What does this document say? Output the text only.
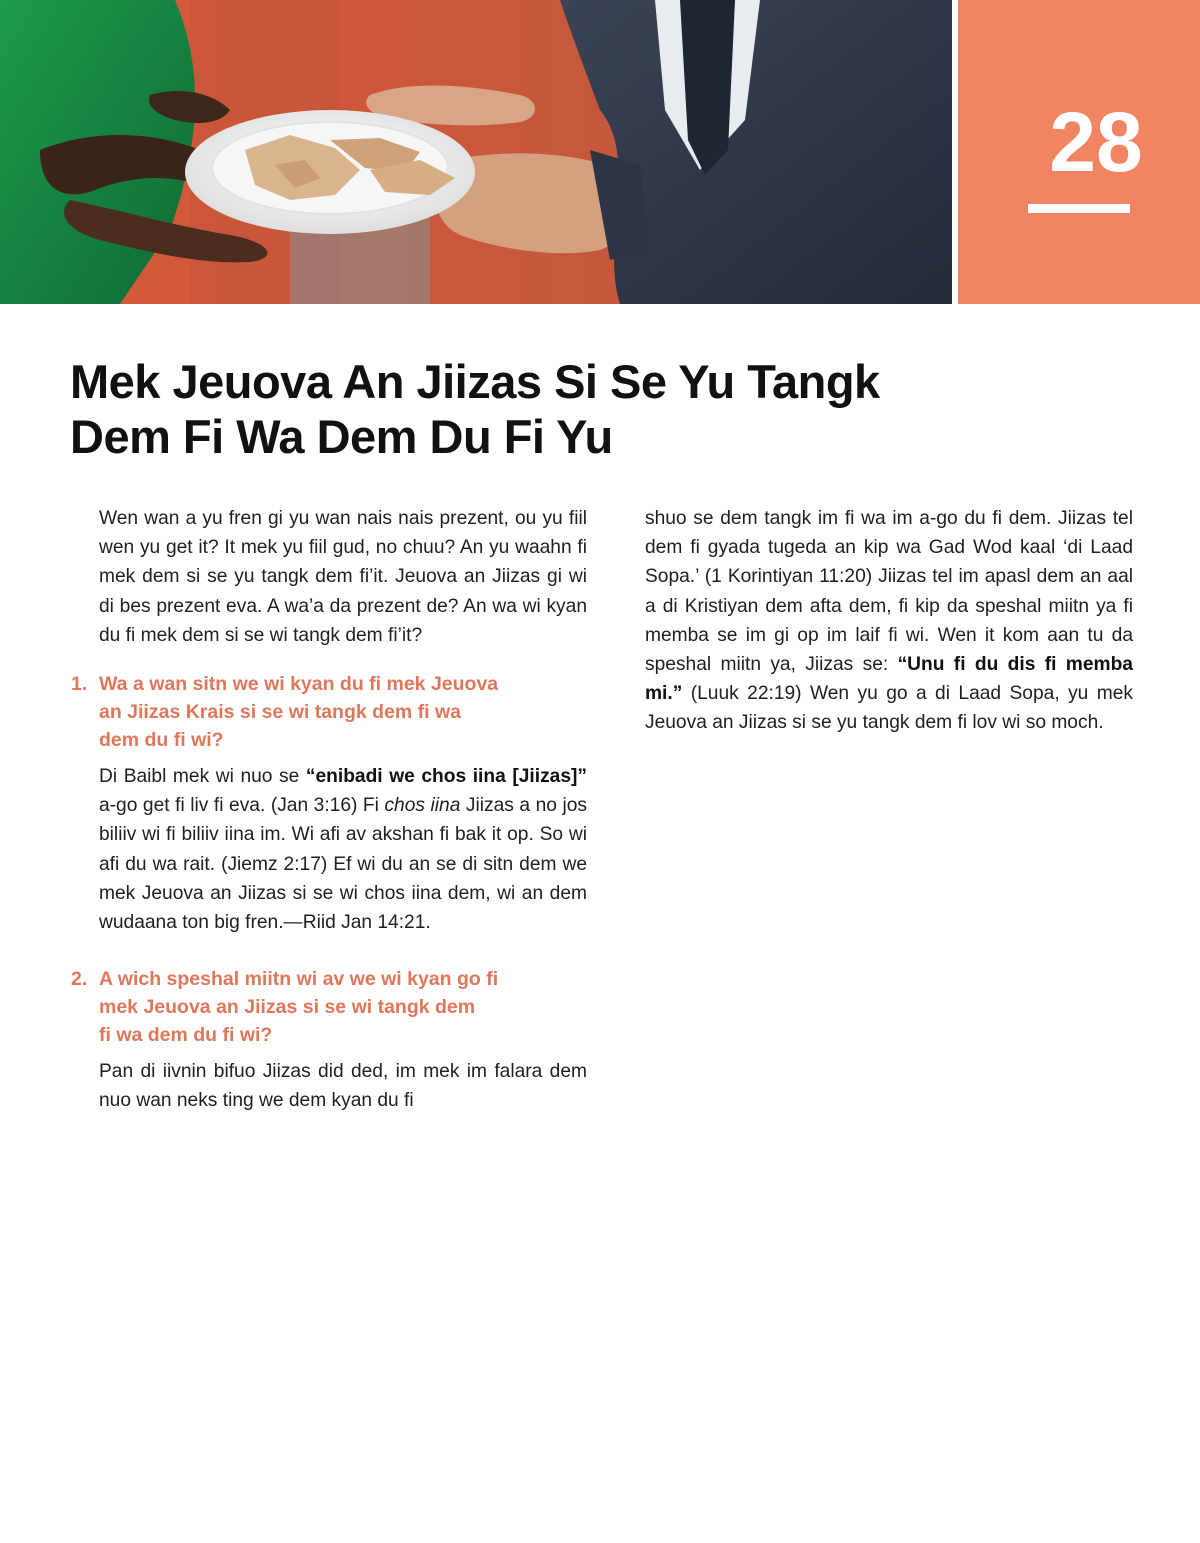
28
Mek Jeuova An Jiizas Si Se Yu Tangk
Dem Fi Wa Dem Du Fi Yu

Wen wan a yu fren gi yu wan nais nais prezent, ou yu fiil wen yu get it? It mek yu fiil gud, no chuu? An yu waahn fi mek dem si se yu tangk dem fi’it. Jeuova an Jiizas gi wi di bes prezent eva. A wa’a da prezent de? An wa wi kyan du fi mek dem si se wi tangk dem fi’it?

1. Wa a wan sitn we wi kyan du fi mek Jeuova
an Jiizas Krais si se wi tangk dem fi wa
dem du fi wi?

Di Baibl mek wi nuo se “enibadi we chos iina [Jiizas]” a-go get fi liv fi eva. (Jan 3:16) Fi chos iina Jiizas a no jos biliiv wi fi biliiv iina im. Wi afi av akshan fi bak it op. So wi afi du wa rait. (Jiemz 2:17) Ef wi du an se di sitn dem we mek Jeuova an Jiizas si se wi chos iina dem, wi an dem wudaana ton big fren.—Riid Jan 14:21.

2. A wich speshal miitn wi av we wi kyan go fi
mek Jeuova an Jiizas si se wi tangk dem
fi wa dem du fi wi?

Pan di iivnin bifuo Jiizas did ded, im mek im falara dem nuo wan neks ting we dem kyan du fi

shuo se dem tangk im fi wa im a-go du fi dem. Jiizas tel dem fi gyada tugeda an kip wa Gad Wod kaal ‘di Laad Sopa.’ (1 Korintiyan 11:20) Jiizas tel im apasl dem an aal a di Kristiyan dem afta dem, fi kip da speshal miitn ya fi memba se im gi op im laif fi wi. Wen it kom aan tu da speshal miitn ya, Jiizas se: “Unu fi du dis fi memba mi.” (Luuk 22:19) Wen yu go a di Laad Sopa, yu mek Jeuova an Jiizas si se yu tangk dem fi lov wi so moch.
